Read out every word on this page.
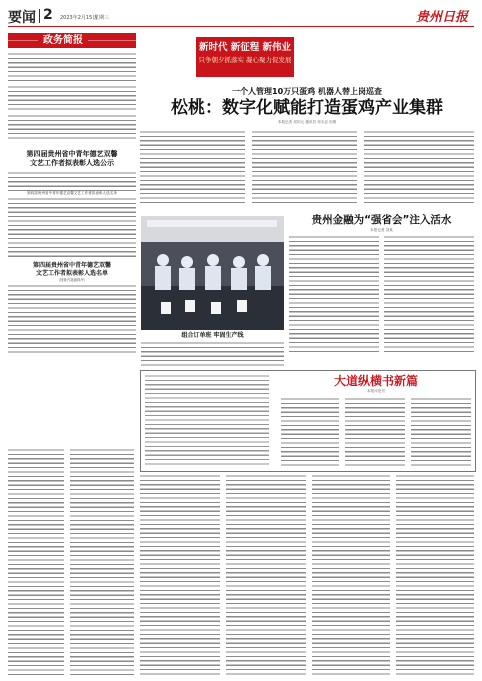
要闻 2 2023年2月15日
星期三	贵州日报
政务简报
第四届贵州省中青年德艺双馨
文艺工作者拟表彰人选公示
第四届贵州省中青年德艺双馨文艺工作者拟表彰人选名单
第四届贵州省中青年德艺双馨
文艺工作者拟表彰人选名单
（按姓氏笔画排序）
新时代 新征程 新伟业
只争朝夕抓落实 凝心聚力促发展
一个人管理10万只蛋鸡 机器人替上岗巡查
松桃：数字化赋能打造蛋鸡产业集群
本报记者 邓钧元 通讯员 邓永忠 田维
贵州金融为“强省会”注入活水
本报记者 刘某
组合订单班 牢固生产线
大道纵横书新篇
本报评论员
